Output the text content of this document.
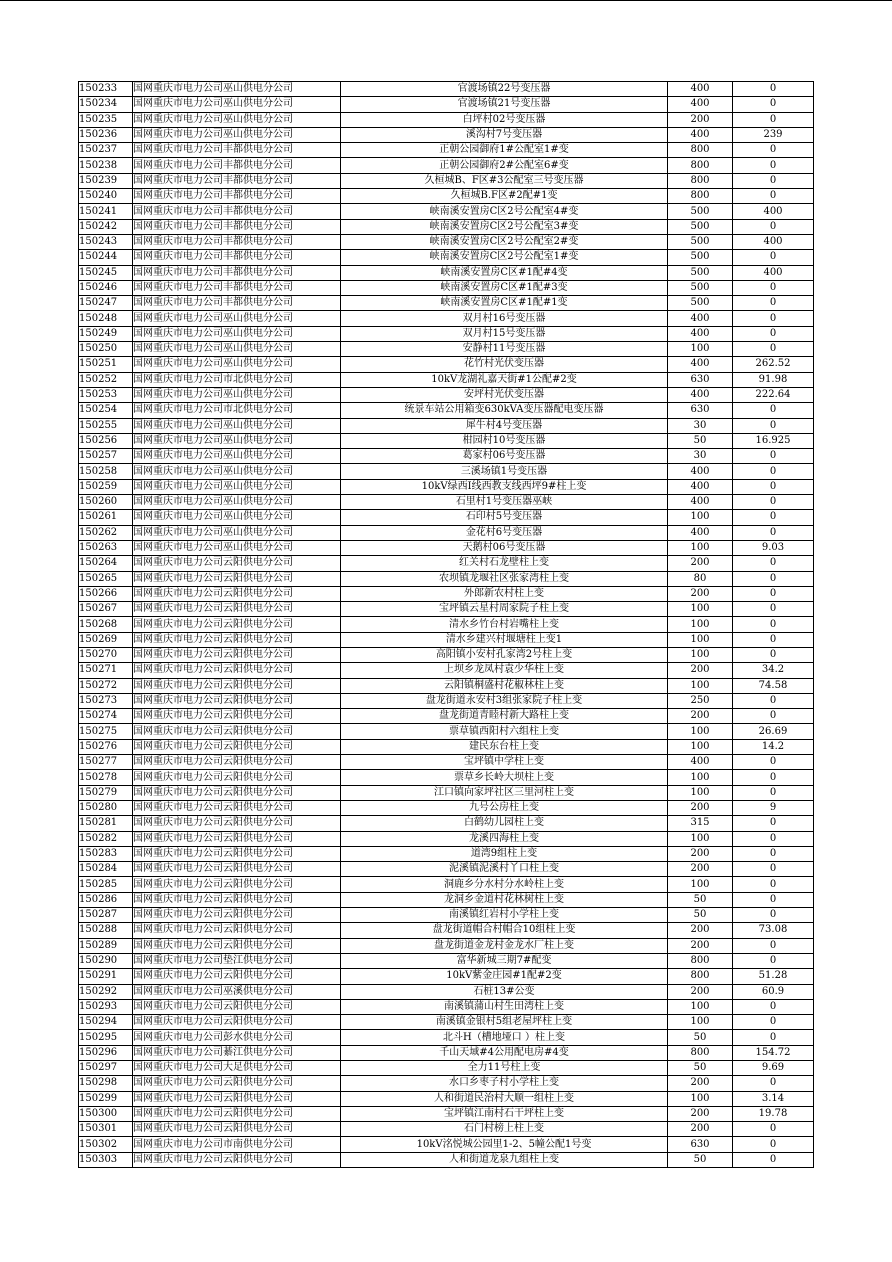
150233	国网重庆市电力公司巫山供电分公司	官渡场镇22号变压器	400	0
150234	国网重庆市电力公司巫山供电分公司	官渡场镇21号变压器	400	0
150235	国网重庆市电力公司巫山供电分公司	白坪村02号变压器	200	0
150236	国网重庆市电力公司巫山供电分公司	溪沟村7号变压器	400	239
150237	国网重庆市电力公司丰都供电分公司	正朝公园御府1#公配室1#变	800	0
150238	国网重庆市电力公司丰都供电分公司	正朝公园御府2#公配室6#变	800	0
150239	国网重庆市电力公司丰都供电分公司	久桓城B、F区#3公配室三号变压器	800	0
150240	国网重庆市电力公司丰都供电分公司	久桓城B.F区#2配#1变	800	0
150241	国网重庆市电力公司丰都供电分公司	峡南溪安置房C区2号公配室4#变	500	400
150242	国网重庆市电力公司丰都供电分公司	峡南溪安置房C区2号公配室3#变	500	0
150243	国网重庆市电力公司丰都供电分公司	峡南溪安置房C区2号公配室2#变	500	400
150244	国网重庆市电力公司丰都供电分公司	峡南溪安置房C区2号公配室1#变	500	0
150245	国网重庆市电力公司丰都供电分公司	峡南溪安置房C区#1配#4变	500	400
150246	国网重庆市电力公司丰都供电分公司	峡南溪安置房C区#1配#3变	500	0
150247	国网重庆市电力公司丰都供电分公司	峡南溪安置房C区#1配#1变	500	0
150248	国网重庆市电力公司巫山供电分公司	双月村16号变压器	400	0
150249	国网重庆市电力公司巫山供电分公司	双月村15号变压器	400	0
150250	国网重庆市电力公司巫山供电分公司	安静村11号变压器	100	0
150251	国网重庆市电力公司巫山供电分公司	花竹村光伏变压器	400	262.52
150252	国网重庆市电力公司市北供电分公司	10kV龙湖礼嘉天街#1公配#2变	630	91.98
150253	国网重庆市电力公司巫山供电分公司	安坪村光伏变压器	400	222.64
150254	国网重庆市电力公司市北供电分公司	统景车站公用箱变630kVA变压器配电变压器	630	0
150255	国网重庆市电力公司巫山供电分公司	犀牛村4号变压器	30	0
150256	国网重庆市电力公司巫山供电分公司	柑园村10号变压器	50	16.925
150257	国网重庆市电力公司巫山供电分公司	葛家村06号变压器	30	0
150258	国网重庆市电力公司巫山供电分公司	三溪场镇1号变压器	400	0
150259	国网重庆市电力公司巫山供电分公司	10kV绿西I线西教支线西坪9#柱上变	400	0
150260	国网重庆市电力公司巫山供电分公司	石里村1号变压器巫峡	400	0
150261	国网重庆市电力公司巫山供电分公司	石印村5号变压器	100	0
150262	国网重庆市电力公司巫山供电分公司	金花村6号变压器	400	0
150263	国网重庆市电力公司巫山供电分公司	天鹅村06号变压器	100	9.03
150264	国网重庆市电力公司云阳供电分公司	红关村石龙壁柱上变	200	0
150265	国网重庆市电力公司云阳供电分公司	农坝镇龙堰社区张家湾柱上变	80	0
150266	国网重庆市电力公司云阳供电分公司	外郎新农村柱上变	200	0
150267	国网重庆市电力公司云阳供电分公司	宝坪镇云星村周家院子柱上变	100	0
150268	国网重庆市电力公司云阳供电分公司	清水乡竹台村岩嘴柱上变	100	0
150269	国网重庆市电力公司云阳供电分公司	清水乡建兴村堰塘柱上变1	100	0
150270	国网重庆市电力公司云阳供电分公司	高阳镇小安村孔家湾2号柱上变	100	0
150271	国网重庆市电力公司云阳供电分公司	上坝乡龙凤村袁少华柱上变	200	34.2
150272	国网重庆市电力公司云阳供电分公司	云阳镇桐盛村花椒林柱上变	100	74.58
150273	国网重庆市电力公司云阳供电分公司	盘龙街道永安村3组张家院子柱上变	250	0
150274	国网重庆市电力公司云阳供电分公司	盘龙街道青睦村新大路柱上变	200	0
150275	国网重庆市电力公司云阳供电分公司	票草镇西阳村六组柱上变	100	26.69
150276	国网重庆市电力公司云阳供电分公司	建民东台柱上变	100	14.2
150277	国网重庆市电力公司云阳供电分公司	宝坪镇中学柱上变	400	0
150278	国网重庆市电力公司云阳供电分公司	票草乡长岭大坝柱上变	100	0
150279	国网重庆市电力公司云阳供电分公司	江口镇向家坪社区三里河柱上变	100	0
150280	国网重庆市电力公司云阳供电分公司	九号公房柱上变	200	9
150281	国网重庆市电力公司云阳供电分公司	白鹤幼儿园柱上变	315	0
150282	国网重庆市电力公司云阳供电分公司	龙溪四海柱上变	100	0
150283	国网重庆市电力公司云阳供电分公司	道湾9组柱上变	200	0
150284	国网重庆市电力公司云阳供电分公司	泥溪镇泥溪村丫口柱上变	200	0
150285	国网重庆市电力公司云阳供电分公司	洞鹿乡分水村分水岭柱上变	100	0
150286	国网重庆市电力公司云阳供电分公司	龙洞乡金道村花林树柱上变	50	0
150287	国网重庆市电力公司云阳供电分公司	南溪镇红岩村小学柱上变	50	0
150288	国网重庆市电力公司云阳供电分公司	盘龙街道帽合村帽合10组柱上变	200	73.08
150289	国网重庆市电力公司云阳供电分公司	盘龙街道金龙村金龙水厂柱上变	200	0
150290	国网重庆市电力公司垫江供电分公司	富华新城三期7#配变	800	0
150291	国网重庆市电力公司云阳供电分公司	10kV紫金庄园#1配#2变	800	51.28
150292	国网重庆市电力公司巫溪供电分公司	石桩13#公变	200	60.9
150293	国网重庆市电力公司云阳供电分公司	南溪镇蒲山村生田湾柱上变	100	0
150294	国网重庆市电力公司云阳供电分公司	南溪镇金银村5组老屋坪柱上变	100	0
150295	国网重庆市电力公司彭水供电分公司	北斗H（槽地垭口 ）柱上变	50	0
150296	国网重庆市电力公司綦江供电分公司	千山天域#4公用配电房#4变	800	154.72
150297	国网重庆市电力公司大足供电分公司	全力11号柱上变	50	9.69
150298	国网重庆市电力公司云阳供电分公司	水口乡枣子村小学柱上变	200	0
150299	国网重庆市电力公司云阳供电分公司	人和街道民治村大顺一组柱上变	100	3.14
150300	国网重庆市电力公司云阳供电分公司	宝坪镇江南村石干坪柱上变	200	19.78
150301	国网重庆市电力公司云阳供电分公司	石门村榜上柱上变	200	0
150302	国网重庆市电力公司市南供电分公司	10kV洺悦城公园里1-2、5幢公配1号变	630	0
150303	国网重庆市电力公司云阳供电分公司	人和街道龙泉九组柱上变	50	0
